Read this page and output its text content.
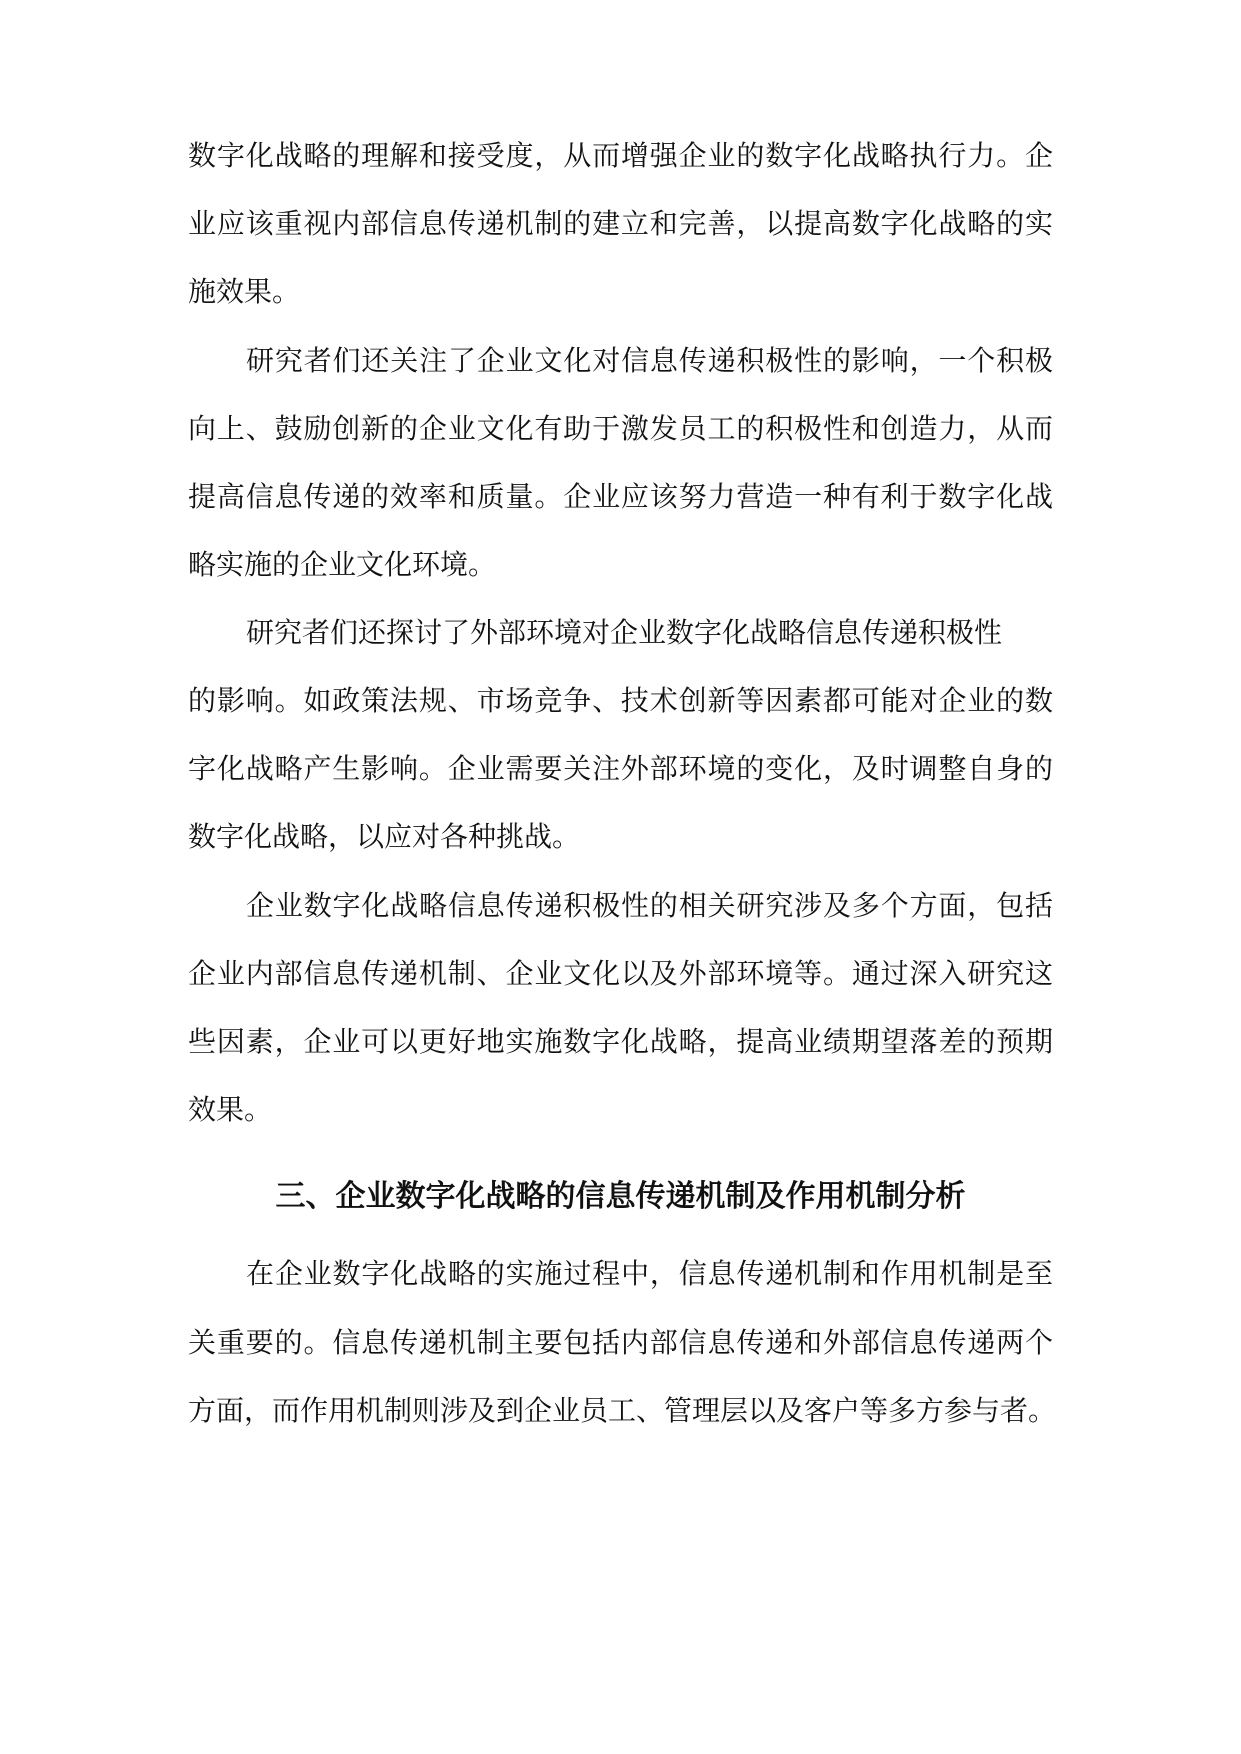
数字化战略的理解和接受度，从而增强企业的数字化战略执行力。企
业应该重视内部信息传递机制的建立和完善，以提高数字化战略的实
施效果。
研究者们还关注了企业文化对信息传递积极性的影响，一个积极
向上、鼓励创新的企业文化有助于激发员工的积极性和创造力，从而
提高信息传递的效率和质量。企业应该努力营造一种有利于数字化战
略实施的企业文化环境。
研究者们还探讨了外部环境对企业数字化战略信息传递积极性
的影响。如政策法规、市场竞争、技术创新等因素都可能对企业的数
字化战略产生影响。企业需要关注外部环境的变化，及时调整自身的
数字化战略，以应对各种挑战。
企业数字化战略信息传递积极性的相关研究涉及多个方面，包括
企业内部信息传递机制、企业文化以及外部环境等。通过深入研究这
些因素，企业可以更好地实施数字化战略，提高业绩期望落差的预期
效果。
三、企业数字化战略的信息传递机制及作用机制分析
在企业数字化战略的实施过程中，信息传递机制和作用机制是至
关重要的。信息传递机制主要包括内部信息传递和外部信息传递两个
方面，而作用机制则涉及到企业员工、管理层以及客户等多方参与者。
